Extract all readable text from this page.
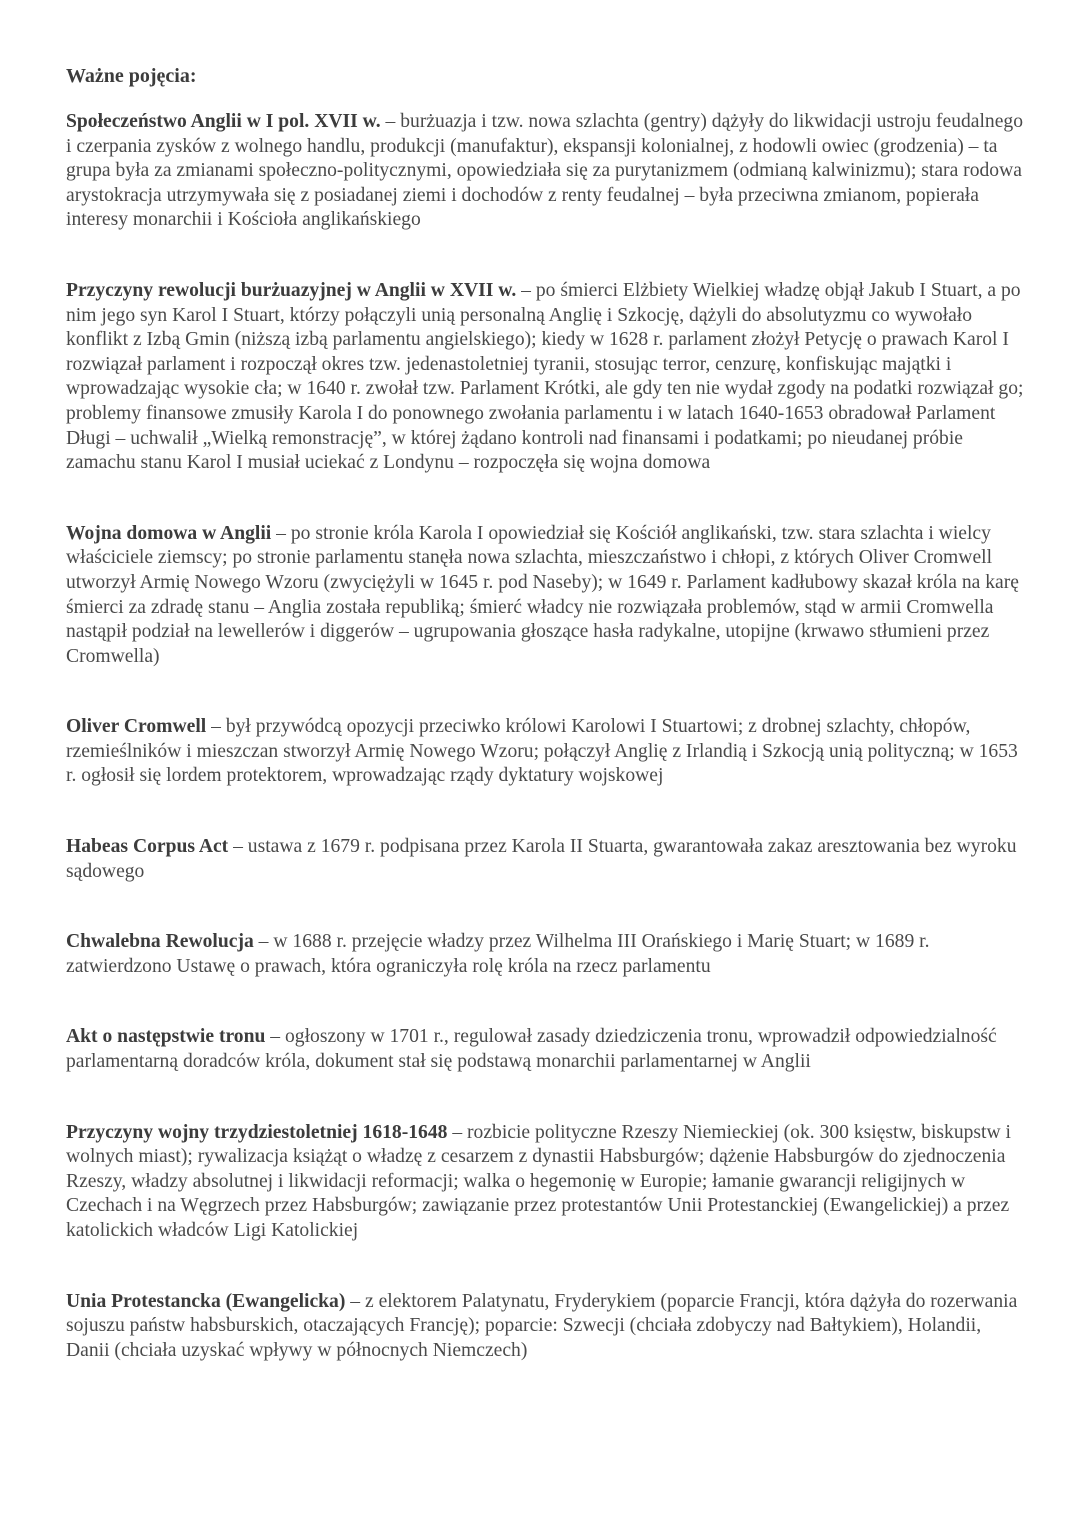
Ważne pojęcia:

Społeczeństwo Anglii w I pol. XVII w. – burżuazja i tzw. nowa szlachta (gentry) dążyły do likwidacji ustroju feudalnego i czerpania zysków z wolnego handlu, produkcji (manufaktur), ekspansji kolonialnej, z hodowli owiec (grodzenia) – ta grupa była za zmianami społeczno-politycznymi, opowiedziała się za purytanizmem (odmianą kalwinizmu); stara rodowa arystokracja utrzymywała się z posiadanej ziemi i dochodów z renty feudalnej – była przeciwna zmianom, popierała interesy monarchii i Kościoła anglikańskiego

Przyczyny rewolucji burżuazyjnej w Anglii w XVII w. – po śmierci Elżbiety Wielkiej władzę objął Jakub I Stuart, a po nim jego syn Karol I Stuart, którzy połączyli unią personalną Anglię i Szkocję, dążyli do absolutyzmu co wywołało konflikt z Izbą Gmin (niższą izbą parlamentu angielskiego); kiedy w 1628 r. parlament złożył Petycję o prawach Karol I rozwiązał parlament i rozpoczął okres tzw. jedenastoletniej tyranii, stosując terror, cenzurę, konfiskując majątki i wprowadzając wysokie cła; w 1640 r. zwołał tzw. Parlament Krótki, ale gdy ten nie wydał zgody na podatki rozwiązał go; problemy finansowe zmusiły Karola I do ponownego zwołania parlamentu i w latach 1640-1653 obradował Parlament Długi – uchwalił „Wielką remonstrację”, w której żądano kontroli nad finansami i podatkami; po nieudanej próbie zamachu stanu Karol I musiał uciekać z Londynu – rozpoczęła się wojna domowa

Wojna domowa w Anglii – po stronie króla Karola I opowiedział się Kościół anglikański, tzw. stara szlachta i wielcy właściciele ziemscy; po stronie parlamentu stanęła nowa szlachta, mieszczaństwo i chłopi, z których Oliver Cromwell utworzył Armię Nowego Wzoru (zwyciężyli w 1645 r. pod Naseby); w 1649 r. Parlament kadłubowy skazał króla na karę śmierci za zdradę stanu – Anglia została republiką; śmierć władcy nie rozwiązała problemów, stąd w armii Cromwella nastąpił podział na lewellerów i diggerów – ugrupowania głoszące hasła radykalne, utopijne (krwawo stłumieni przez Cromwella)

Oliver Cromwell – był przywódcą opozycji przeciwko królowi Karolowi I Stuartowi; z drobnej szlachty, chłopów, rzemieślników i mieszczan stworzył Armię Nowego Wzoru; połączył Anglię z Irlandią i Szkocją unią polityczną; w 1653 r. ogłosił się lordem protektorem, wprowadzając rządy dyktatury wojskowej

Habeas Corpus Act – ustawa z 1679 r. podpisana przez Karola II Stuarta, gwarantowała zakaz aresztowania bez wyroku sądowego

Chwalebna Rewolucja – w 1688 r. przejęcie władzy przez Wilhelma III Orańskiego i Marię Stuart; w 1689 r. zatwierdzono Ustawę o prawach, która ograniczyła rolę króla na rzecz parlamentu

Akt o następstwie tronu – ogłoszony w 1701 r., regulował zasady dziedziczenia tronu, wprowadził odpowiedzialność parlamentarną doradców króla, dokument stał się podstawą monarchii parlamentarnej w Anglii

Przyczyny wojny trzydziestoletniej 1618-1648 – rozbicie polityczne Rzeszy Niemieckiej (ok. 300 księstw, biskupstw i wolnych miast); rywalizacja książąt o władzę z cesarzem z dynastii Habsburgów; dążenie Habsburgów do zjednoczenia Rzeszy, władzy absolutnej i likwidacji reformacji; walka o hegemonię w Europie; łamanie gwarancji religijnych w Czechach i na Węgrzech przez Habsburgów; zawiązanie przez protestantów Unii Protestanckiej (Ewangelickiej) a przez katolickich władców Ligi Katolickiej

Unia Protestancka (Ewangelicka) – z elektorem Palatynatu, Fryderykiem (poparcie Francji, która dążyła do rozerwania sojuszu państw habsburskich, otaczających Francję); poparcie: Szwecji (chciała zdobyczy nad Bałtykiem), Holandii, Danii (chciała uzyskać wpływy w północnych Niemczech)
